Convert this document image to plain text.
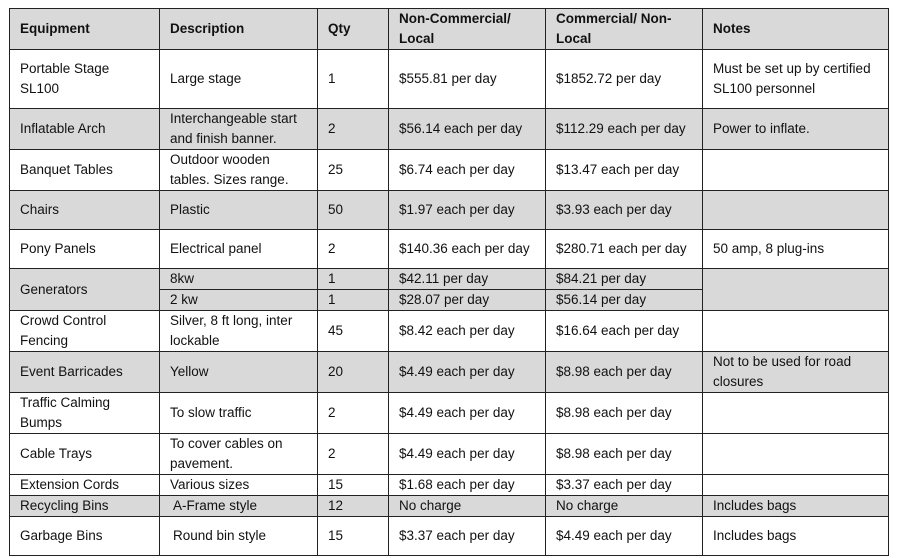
Equipment	Description	Qty	Non-Commercial/ Local	Commercial/ Non-Local	Notes
Portable Stage SL100	Large stage	1	$555.81 per day	$1852.72 per day	Must be set up by certified SL100 personnel
Inflatable Arch	Interchangeable start and finish banner.	2	$56.14 each per day	$112.29 each per day	Power to inflate.
Banquet Tables	Outdoor wooden tables. Sizes range.	25	$6.74 each per day	$13.47 each per day	
Chairs	Plastic	50	$1.97 each per day	$3.93 each per day	
Pony Panels	Electrical panel	2	$140.36 each per day	$280.71 each per day	50 amp, 8 plug-ins
Generators	8kw	1	$42.11 per day	$84.21 per day	
	2 kw	1	$28.07 per day	$56.14 per day	
Crowd Control Fencing	Silver, 8 ft long, inter lockable	45	$8.42 each per day	$16.64 each per day	
Event Barricades	Yellow	20	$4.49 each per day	$8.98 each per day	Not to be used for road closures
Traffic Calming Bumps	To slow traffic	2	$4.49 each per day	$8.98 each per day	
Cable Trays	To cover cables on pavement.	2	$4.49 each per day	$8.98 each per day	
Extension Cords	Various sizes	15	$1.68 each per day	$3.37 each per day	
Recycling Bins	A-Frame style	12	No charge	No charge	Includes bags
Garbage Bins	Round bin style	15	$3.37 each per day	$4.49 each per day	Includes bags
